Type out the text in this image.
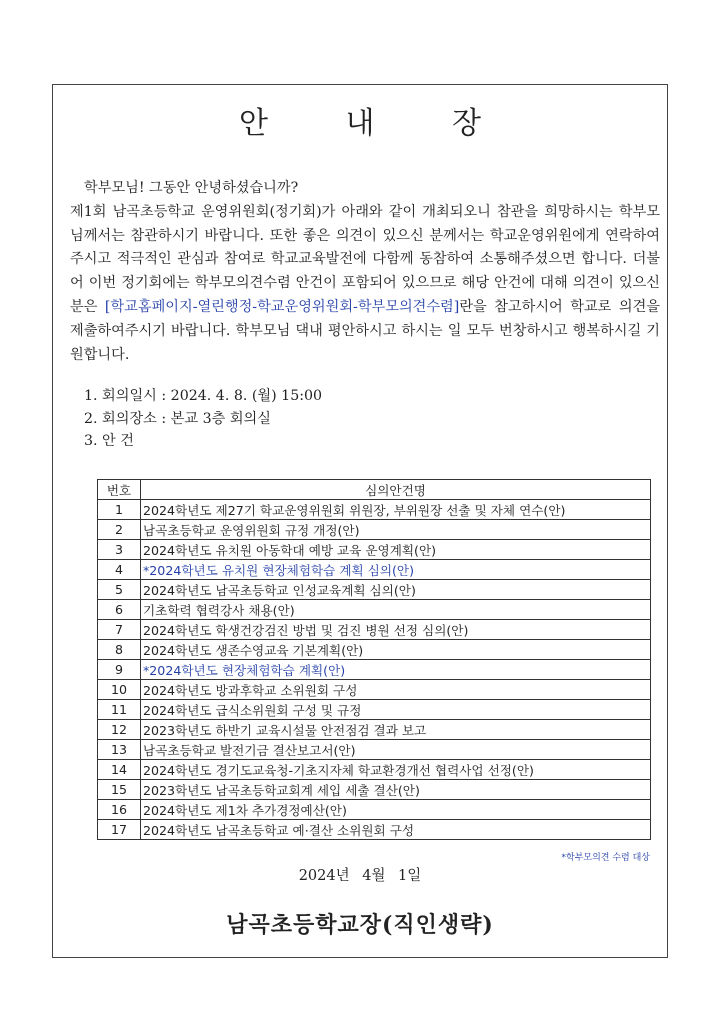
안 내 장

학부모님! 그동안 안녕하셨습니까?

제1회 남곡초등학교 운영위원회(정기회)가 아래와 같이 개최되오니 참관을 희망하시는 학부모님께서는 참관하시기 바랍니다. 또한 좋은 의견이 있으신 분께서는 학교운영위원에게 연락하여 주시고 적극적인 관심과 참여로 학교교육발전에 다함께 동참하여 소통해주셨으면 합니다. 더불어 이번 정기회에는 학부모의견수렴 안건이 포함되어 있으므로 해당 안건에 대해 의견이 있으신 분은 [학교홈페이지-열린행정-학교운영위원회-학부모의견수렴]란을 참고하시어 학교로 의견을 제출하여주시기 바랍니다. 학부모님 댁내 평안하시고 하시는 일 모두 번창하시고 행복하시길 기원합니다.

1. 회의일시 : 2024. 4. 8. (월) 15:00
2. 회의장소 : 본교 3층 회의실
3. 안 건
번호	심의안건명
1	2024학년도 제27기 학교운영위원회 위원장, 부위원장 선출 및 자체 연수(안)
2	남곡초등학교 운영위원회 규정 개정(안)
3	2024학년도 유치원 아동학대 예방 교육 운영계획(안)
4	*2024학년도 유치원 현장체험학습 계획 심의(안)
5	2024학년도 남곡초등학교 인성교육계획 심의(안)
6	기초학력 협력강사 채용(안)
7	2024학년도 학생건강검진 방법 및 검진 병원 선정 심의(안)
8	2024학년도 생존수영교육 기본계획(안)
9	*2024학년도 현장체험학습 계획(안)
10	2024학년도 방과후학교 소위원회 구성
11	2024학년도 급식소위원회 구성 및 규정
12	2023학년도 하반기 교육시설물 안전점검 결과 보고
13	남곡초등학교 발전기금 결산보고서(안)
14	2024학년도 경기도교육청-기초지자체 학교환경개선 협력사업 선정(안)
15	2023학년도 남곡초등학교회계 세입 세출 결산(안)
16	2024학년도 제1차 추가경정예산(안)
17	2024학년도 남곡초등학교 예·결산 소위원회 구성
*학부모의견 수렴 대상
2024년 4월 1일
남곡초등학교장(직인생략)
